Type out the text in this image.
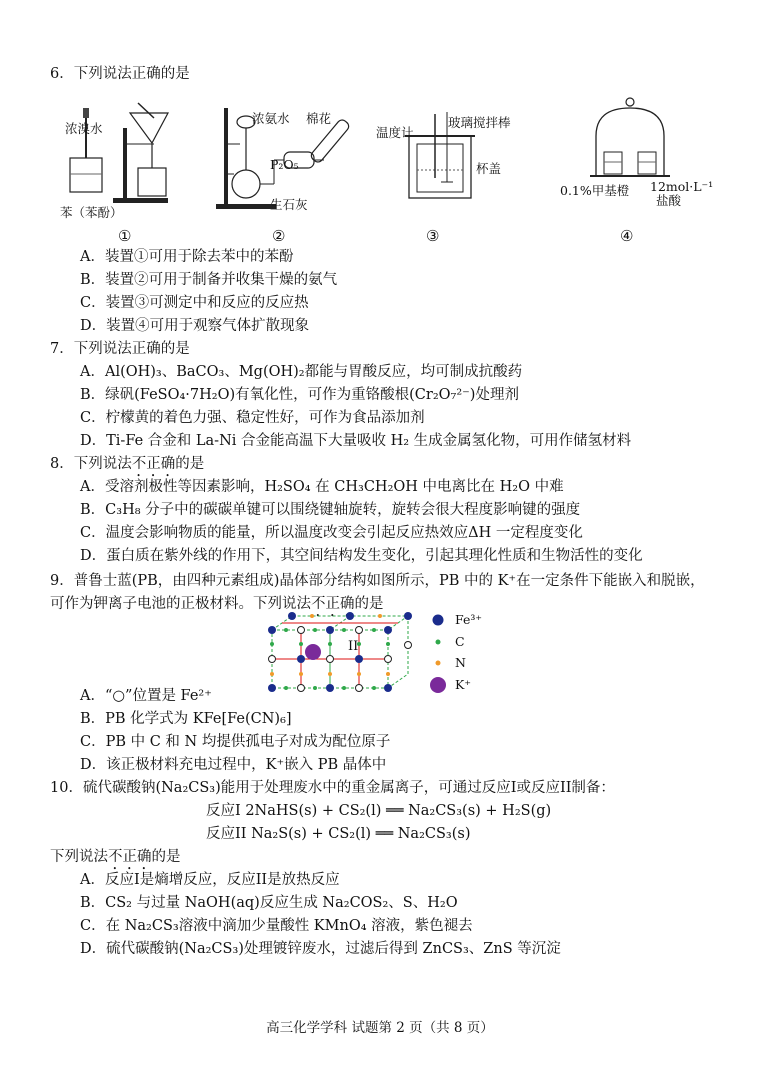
6．下列说法正确的是
浓溴水
苯（苯酚）
浓氨水 棉花
P₂O₅
生石灰
温度计
玻璃搅拌棒
杯盖
0.1%甲基橙 12mol·L⁻¹
盐酸
①	②	③	④
A．装置①可用于除去苯中的苯酚
B．装置②可用于制备并收集干燥的氨气
C．装置③可测定中和反应的反应热
D．装置④可用于观察气体扩散现象
7．下列说法正确的是
A．Al(OH)₃、BaCO₃、Mg(OH)₂都能与胃酸反应，均可制成抗酸药
B．绿矾(FeSO₄·7H₂O)有氧化性，可作为重铬酸根(Cr₂O₇²⁻)处理剂
C．柠檬黄的着色力强、稳定性好，可作为食品添加剂
D．Ti-Fe 合金和 La-Ni 合金能高温下大量吸收 H₂ 生成金属氢化物，可用作储氢材料
8．下列说法不正确的是
A．受溶剂极性等因素影响，H₂SO₄ 在 CH₃CH₂OH 中电离比在 H₂O 中难
B．C₃H₈ 分子中的碳碳单键可以围绕键轴旋转，旋转会很大程度影响键的强度
C．温度会影响物质的能量，所以温度改变会引起反应热效应ΔH 一定程度变化
D．蛋白质在紫外线的作用下，其空间结构发生变化，引起其理化性质和生物活性的变化
9．普鲁士蓝(PB，由四种元素组成)晶体部分结构如图所示，PB 中的 K⁺在一定条件下能嵌入和脱嵌，
可作为钾离子电池的正极材料。下列说法不正确的是
II
Fe³⁺
C
N
K⁺
A．“○”位置是 Fe²⁺
B．PB 化学式为 KFe[Fe(CN)₆]
C．PB 中 C 和 N 均提供孤电子对成为配位原子
D．该正极材料充电过程中，K⁺嵌入 PB 晶体中
10．硫代碳酸钠(Na₂CS₃)能用于处理废水中的重金属离子，可通过反应I或反应II制备：
反应I 2NaHS(s) + CS₂(l) ══ Na₂CS₃(s) + H₂S(g)
反应II Na₂S(s) + CS₂(l) ══ Na₂CS₃(s)
下列说法不正确的是
A．反应I是熵增反应，反应II是放热反应
B．CS₂ 与过量 NaOH(aq)反应生成 Na₂COS₂、S、H₂O
C．在 Na₂CS₃溶液中滴加少量酸性 KMnO₄ 溶液，紫色褪去
D．硫代碳酸钠(Na₂CS₃)处理镀锌废水，过滤后得到 ZnCS₃、ZnS 等沉淀
高三化学学科 试题第 2 页（共 8 页）
